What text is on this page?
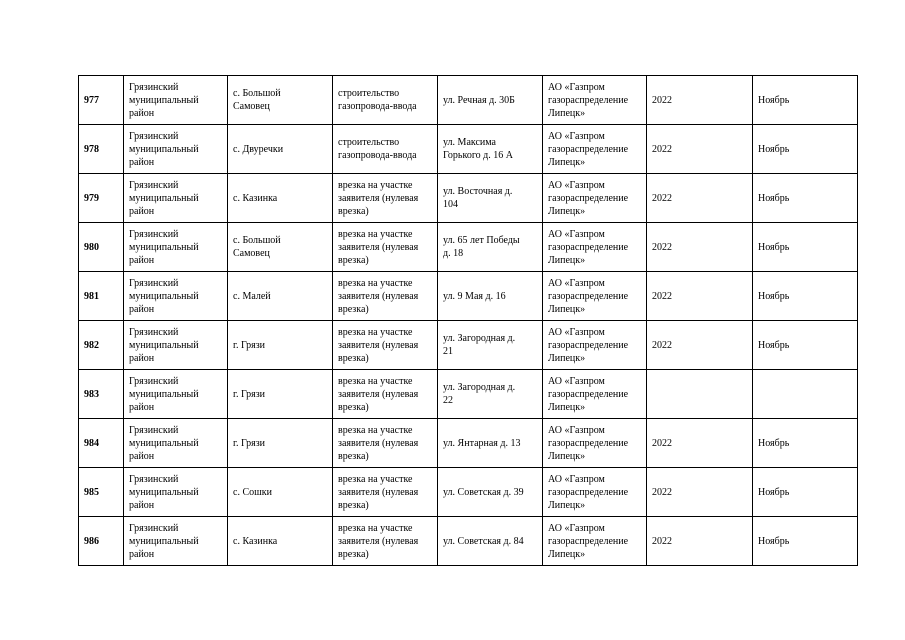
977	Грязинский
муниципальный
район	с. Большой
Самовец	строительство
газопровода-ввода	ул. Речная д. 30Б	АО «Газпром
газораспределение
Липецк»	2022	Ноябрь
978	Грязинский
муниципальный
район	с. Двуречки	строительство
газопровода-ввода	ул. Максима
Горького д. 16 А	АО «Газпром
газораспределение
Липецк»	2022	Ноябрь
979	Грязинский
муниципальный
район	с. Казинка	врезка на участке
заявителя (нулевая
врезка)	ул. Восточная д.
104	АО «Газпром
газораспределение
Липецк»	2022	Ноябрь
980	Грязинский
муниципальный
район	с. Большой
Самовец	врезка на участке
заявителя (нулевая
врезка)	ул. 65 лет Победы
д. 18	АО «Газпром
газораспределение
Липецк»	2022	Ноябрь
981	Грязинский
муниципальный
район	с. Малей	врезка на участке
заявителя (нулевая
врезка)	ул. 9 Мая д. 16	АО «Газпром
газораспределение
Липецк»	2022	Ноябрь
982	Грязинский
муниципальный
район	г. Грязи	врезка на участке
заявителя (нулевая
врезка)	ул. Загородная д.
21	АО «Газпром
газораспределение
Липецк»	2022	Ноябрь
983	Грязинский
муниципальный
район	г. Грязи	врезка на участке
заявителя (нулевая
врезка)	ул. Загородная д.
22	АО «Газпром
газораспределение
Липецк»		
984	Грязинский
муниципальный
район	г. Грязи	врезка на участке
заявителя (нулевая
врезка)	ул. Янтарная д. 13	АО «Газпром
газораспределение
Липецк»	2022	Ноябрь
985	Грязинский
муниципальный
район	с. Сошки	врезка на участке
заявителя (нулевая
врезка)	ул. Советская д. 39	АО «Газпром
газораспределение
Липецк»	2022	Ноябрь
986	Грязинский
муниципальный
район	с. Казинка	врезка на участке
заявителя (нулевая
врезка)	ул. Советская д. 84	АО «Газпром
газораспределение
Липецк»	2022	Ноябрь
